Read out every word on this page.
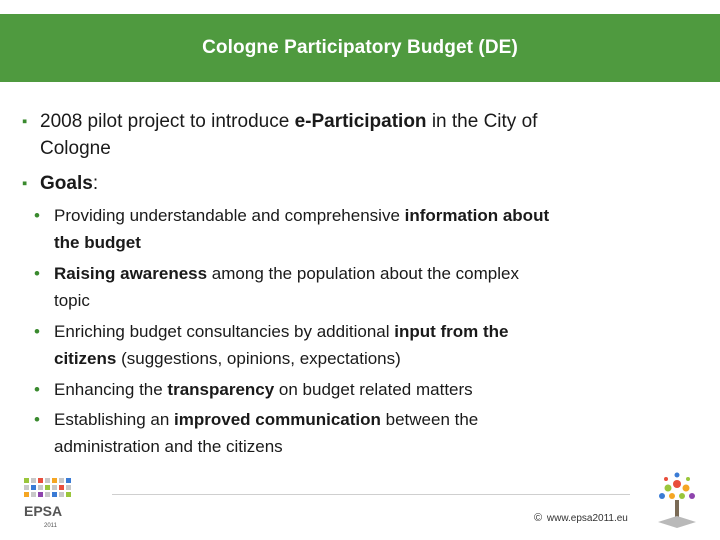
Cologne Participatory Budget (DE)
▪ 2008 pilot project to introduce e-Participation in the City of
Cologne
▪ Goals:
• Providing understandable and comprehensive information about
the budget
• Raising awareness among the population about the complex
topic
• Enriching budget consultancies by additional input from the
citizens (suggestions, opinions, expectations)
• Enhancing the transparency on budget related matters
• Establishing an improved communication between the
administration and the citizens
EPSA
2011
© www.epsa2011.eu
